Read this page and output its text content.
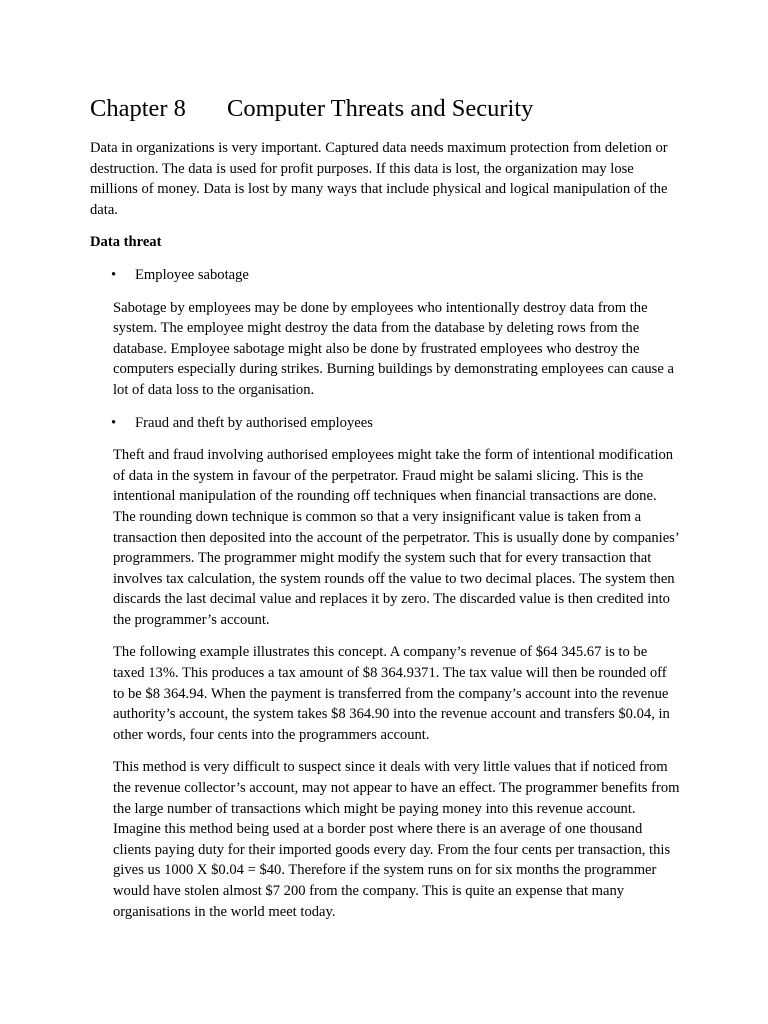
Chapter 8 Computer Threats and Security

Data in organizations is very important. Captured data needs maximum protection from deletion or destruction. The data is used for profit purposes. If this data is lost, the organization may lose millions of money. Data is lost by many ways that include physical and logical manipulation of the data.

Data threat

• Employee sabotage

Sabotage by employees may be done by employees who intentionally destroy data from the system. The employee might destroy the data from the database by deleting rows from the database. Employee sabotage might also be done by frustrated employees who destroy the computers especially during strikes. Burning buildings by demonstrating employees can cause a lot of data loss to the organisation.

• Fraud and theft by authorised employees

Theft and fraud involving authorised employees might take the form of intentional modification of data in the system in favour of the perpetrator. Fraud might be salami slicing. This is the intentional manipulation of the rounding off techniques when financial transactions are done. The rounding down technique is common so that a very insignificant value is taken from a transaction then deposited into the account of the perpetrator. This is usually done by companies’ programmers. The programmer might modify the system such that for every transaction that involves tax calculation, the system rounds off the value to two decimal places. The system then discards the last decimal value and replaces it by zero. The discarded value is then credited into the programmer’s account.

The following example illustrates this concept. A company’s revenue of $64 345.67 is to be taxed 13%. This produces a tax amount of $8 364.9371. The tax value will then be rounded off to be $8 364.94. When the payment is transferred from the company’s account into the revenue authority’s account, the system takes $8 364.90 into the revenue account and transfers $0.04, in other words, four cents into the programmers account.

This method is very difficult to suspect since it deals with very little values that if noticed from the revenue collector’s account, may not appear to have an effect. The programmer benefits from the large number of transactions which might be paying money into this revenue account. Imagine this method being used at a border post where there is an average of one thousand clients paying duty for their imported goods every day. From the four cents per transaction, this gives us 1000 X $0.04 = $40. Therefore if the system runs on for six months the programmer would have stolen almost $7 200 from the company. This is quite an expense that many organisations in the world meet today.
